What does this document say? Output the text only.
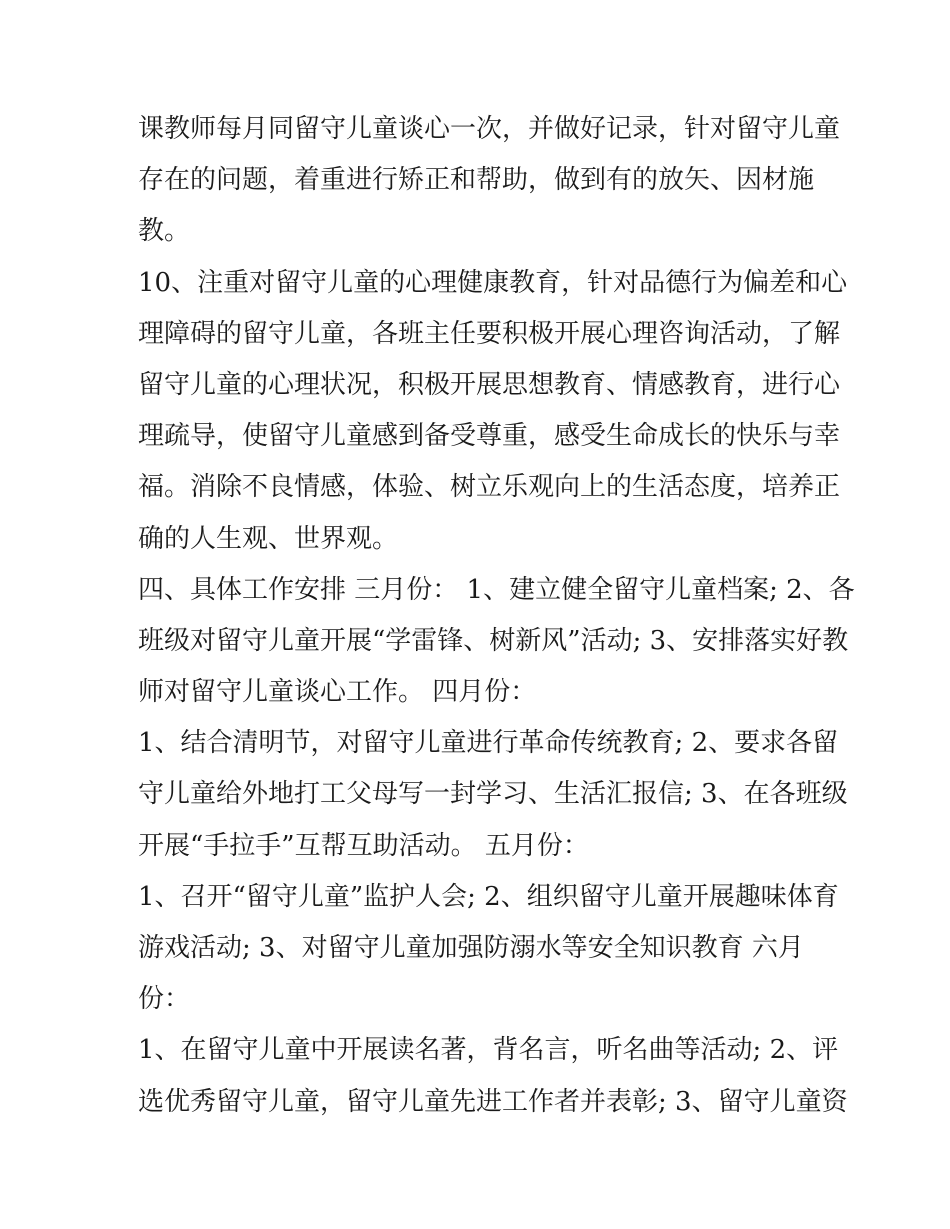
课教师每月同留守儿童谈心一次，并做好记录，针对留守儿童
存在的问题，着重进行矫正和帮助，做到有的放矢、因材施
教。
10、注重对留守儿童的心理健康教育，针对品德行为偏差和心
理障碍的留守儿童，各班主任要积极开展心理咨询活动，了解
留守儿童的心理状况，积极开展思想教育、情感教育，进行心
理疏导，使留守儿童感到备受尊重，感受生命成长的快乐与幸
福。消除不良情感，体验、树立乐观向上的生活态度，培养正
确的人生观、世界观。
四、具体工作安排 三月份： 1、建立健全留守儿童档案; 2、各
班级对留守儿童开展“学雷锋、树新风”活动; 3、安排落实好教
师对留守儿童谈心工作。 四月份：
1、结合清明节，对留守儿童进行革命传统教育; 2、要求各留
守儿童给外地打工父母写一封学习、生活汇报信; 3、在各班级
开展“手拉手”互帮互助活动。 五月份：
1、召开“留守儿童”监护人会; 2、组织留守儿童开展趣味体育
游戏活动; 3、对留守儿童加强防溺水等安全知识教育 六月
份：
1、在留守儿童中开展读名著，背名言，听名曲等活动; 2、评
选优秀留守儿童，留守儿童先进工作者并表彰; 3、留守儿童资
